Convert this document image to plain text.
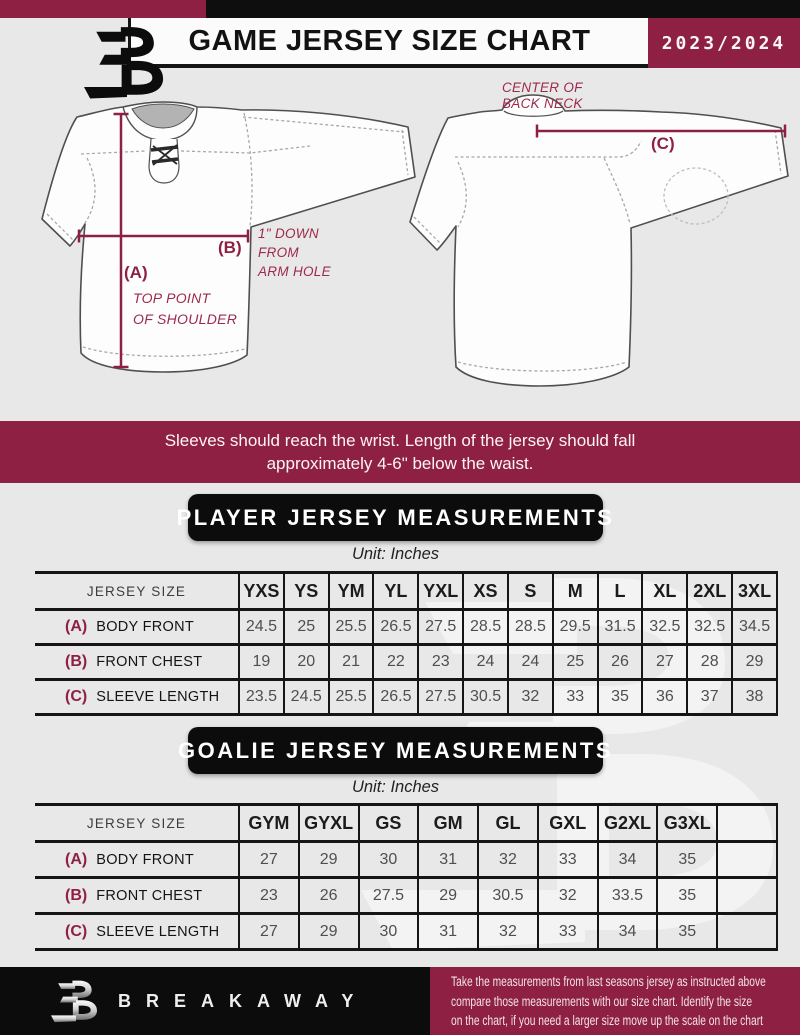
GAME JERSEY SIZE CHART	2023/2024
TOP POINT
OF SHOULDER
(A)
(B)
1" DOWN
FROM
ARM HOLE
CENTER OF
BACK NECK
(C)
Sleeves should reach the wrist. Length of the jersey should fall
approximately 4-6" below the waist.
PLAYER JERSEY MEASUREMENTS
Unit: Inches
JERSEY SIZE	YXS	YS	YM	YL	YXL	XS	S	M	L	XL	2XL	3XL
(A) BODY FRONT	24.5	25	25.5	26.5	27.5	28.5	28.5	29.5	31.5	32.5	32.5	34.5
(B) FRONT CHEST	19	20	21	22	23	24	24	25	26	27	28	29
(C) SLEEVE LENGTH	23.5	24.5	25.5	26.5	27.5	30.5	32	33	35	36	37	38
GOALIE JERSEY MEASUREMENTS
Unit: Inches
JERSEY SIZE	GYM	GYXL	GS	GM	GL	GXL	G2XL	G3XL	
(A) BODY FRONT	27	29	30	31	32	33	34	35	
(B) FRONT CHEST	23	26	27.5	29	30.5	32	33.5	35	
(C) SLEEVE LENGTH	27	29	30	31	32	33	34	35	
BREAKAWAY
Take the measurements from last seasons jersey as instructed above
compare those measurements with our size chart. Identify the size
on the chart, if you need a larger size move up the scale on the chart
